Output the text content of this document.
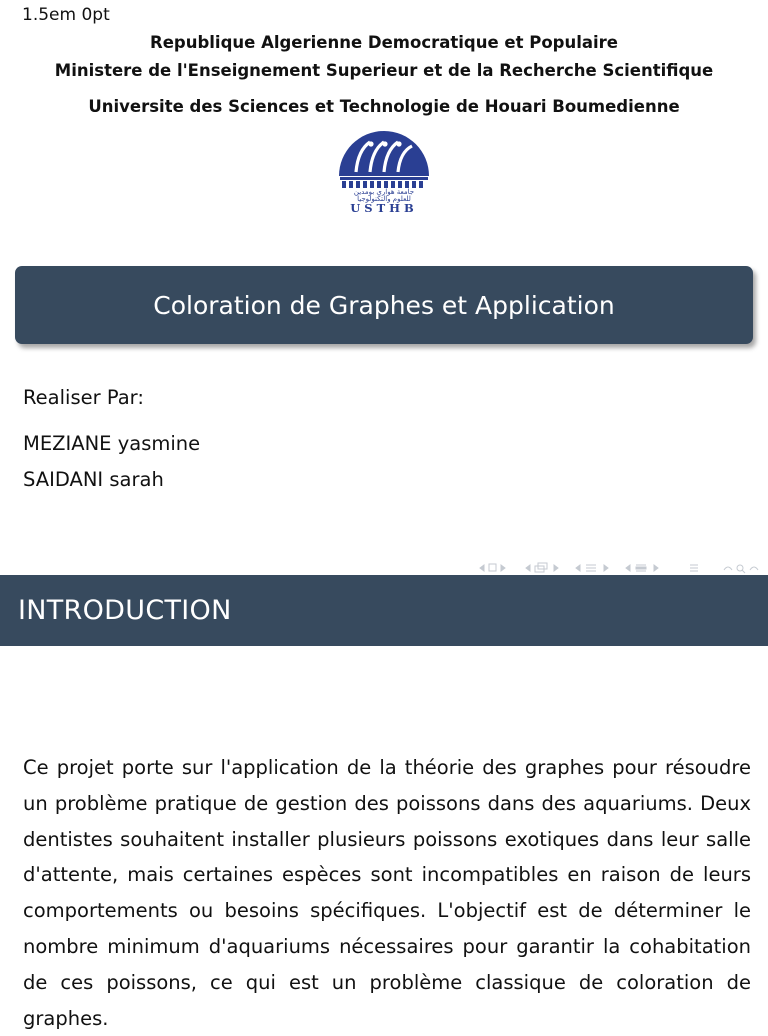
1.5em 0pt
Republique Algerienne Democratique et Populaire
Ministere de l'Enseignement Superieur et de la Recherche Scientifique
Universite des Sciences et Technologie de Houari Boumedienne
جامعة هواري بومدين
للعلوم والتكنولوجيا
USTHB
Coloration de Graphes et Application
Realiser Par:
MEZIANE yasmine
SAIDANI sarah
INTRODUCTION

Ce projet porte sur l'application de la théorie des graphes pour résoudre un problème pratique de gestion des poissons dans des aquariums. Deux dentistes souhaitent installer plusieurs poissons exotiques dans leur salle d'attente, mais certaines espèces sont incompatibles en raison de leurs comportements ou besoins spécifiques. L'objectif est de déterminer le nombre minimum d'aquariums nécessaires pour garantir la cohabitation de ces poissons, ce qui est un problème classique de coloration de graphes.
